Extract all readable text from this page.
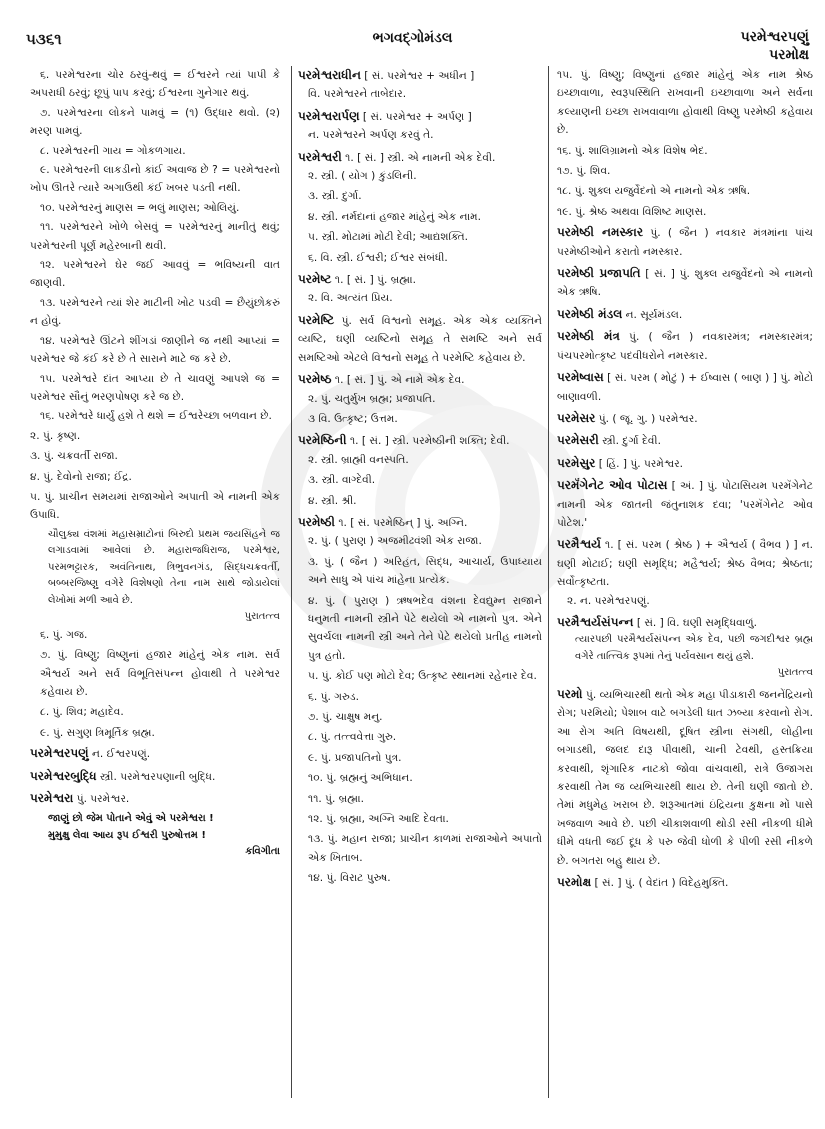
૫૩૬૧	ભગવદ્ગોમંડલ	પરમેશ્વરપણું
પરમોક્ષ
૬. પરમેશ્વરના ચોર ઠરવું-થવું = ઈશ્વરને ત્યાં પાપી કે અપરાધી ઠરવું; છૂપું પાપ કરવું; ઈશ્વરના ગુનેગાર થવું.
૭. પરમેશ્વરના લોકને પામવું = (૧) ઉદ્ધાર થવો. (૨) મરણ પામવું.
૮. પરમેશ્વરની ગાય = ગોકળગાય.
૯. પરમેશ્વરની લાકડીનો કાંઈ અવાજ છે ? = પરમેશ્વરનો ખોપ ઊતરે ત્યારે અગાઉથી કંઈ ખબર પડતી નથી.
૧૦. પરમેશ્વરનું માણસ = ભલું માણસ; ઓલિયું.
૧૧. પરમેશ્વરને ખોળે બેસવું = પરમેશ્વરનું માનીતું થવું; પરમેશ્વરની પૂર્ણ મહેરબાની થવી.
૧૨. પરમેશ્વરને ઘેર જઈ આવવું = ભવિષ્યની વાત જાણવી.
૧૩. પરમેશ્વરને ત્યાં શેર માટીની ખોટ પડવી = છૈયુંછોકરું ન હોવું.
૧૪. પરમેશ્વરે ઊંટને શીંગડાં જાણીને જ નથી આપ્યાં = પરમેશ્વર જે કંઈ કરે છે તે સારાને માટે જ કરે છે.
૧૫. પરમેશ્વરે દાંત આપ્યા છે તે ચાવણું આપશે જ = પરમેશ્વર સૌનું ભરણપોષણ કરે જ છે.
૧૬. પરમેશ્વરે ધાર્યું હશે તે થશે = ઈશ્વરેચ્છા બળવાન છે.
૨. પું. કૃષ્ણ.
૩. પું. ચક્રવર્તી રાજા.
૪. પું. દેવોનો રાજા; ઈંદ્ર.
૫. પું. પ્રાચીન સમયમાં રાજાઓને અપાતી એ નામની એક ઉપાધિ.
ચૌલુક્ય વંશમાં મહાસમ્રાટોનાં બિરુદો પ્રથમ જયસિંહને જ લગાડવામાં આવેલાં છે. મહારાજધિરાજ, પરમેશ્વર, પરમભટ્ટારક, અવંતિનાથ, ત્રિભુવનગંડ, સિદ્ધચક્રવર્તી, બબ્બરજિષ્ણુ વગેરે વિશેષણો તેના નામ સાથે જોડાયેલાં લેખોમાં મળી આવે છે.
પુરાતત્ત્વ
૬. પું. ગજ.
૭. પું. વિષ્ણુ; વિષ્ણુનાં હજાર માંહેનું એક નામ. સર્વ ઐશ્વર્ય અને સર્વ વિભૂતિસંપન્ન હોવાથી તે પરમેશ્વર કહેવાય છે.
૮. પું. શિવ; મહાદેવ.
૯. પું. સગુણ ત્રિમૂર્તિક બ્રહ્મ.
પરમેશ્વરપણું ન. ઈશ્વરપણું.
પરમેશ્વરબુદ્ધિ સ્ત્રી. પરમેશ્વરપણાની બુદ્ધિ.
પરમેશ્વરા પું. પરમેશ્વર.
જાણું છો જેમ પોતાને એવું એ પરમેશ્વરા !
મુમુક્ષુ લેવા આય રૂપ ઈશ્વરી પુરુષોત્તમ !
કવિગીતા
પરમેશ્વરાધીન [ સં. પરમેશ્વર + અધીન ]
વિ. પરમેશ્વરને તાબેદાર.
પરમેશ્વરાર્પણ [ સં. પરમેશ્વર + અર્પણ ]
ન. પરમેશ્વરને અર્પણ કરવું તે.
પરમેશ્વરી ૧. [ સં. ] સ્ત્રી. એ નામની એક દેવી.
૨. સ્ત્રી. ( યોગ ) કુંડલિની.
૩. સ્ત્રી. દુર્ગા.
૪. સ્ત્રી. નર્મદાનાં હજાર માંહેનું એક નામ.
૫. સ્ત્રી. મોટામાં મોટી દેવી; આદ્યશક્તિ.
૬. વિ. સ્ત્રી. ઈશ્વરી; ઈશ્વર સંબંધી.
પરમેષ્ટ ૧. [ સં. ] પું. બ્રહ્મા.
૨. વિ. અત્યંત પ્રિય.
પરમેષ્ટિ પું. સર્વ વિશ્વનો સમૂહ. એક એક વ્યક્તિને વ્યષ્ટિ, ઘણી વ્યષ્ટિનો સમૂહ તે સમષ્ટિ અને સર્વ સમષ્ટિઓ એટલે વિશ્વનો સમૂહ તે પરમેષ્ટિ કહેવાય છે.
પરમેષ્ઠ ૧. [ સં. ] પું. એ નામે એક દેવ.
૨. પું. ચતુર્મુખ બ્રહ્મ; પ્રજાપતિ.
૩ વિ. ઉત્કૃષ્ટ; ઉત્તમ.
પરમેષ્ઠિની ૧. [ સં. ] સ્ત્રી. પરમેષ્ઠીની શક્તિ; દેવી.
૨. સ્ત્રી. બ્રાહ્મી વનસ્પતિ.
૩. સ્ત્રી. વાગ્દેવી.
૪. સ્ત્રી. શ્રી.
પરમેષ્ઠી ૧. [ સં. પરમેષ્ઠિન્ ] પું. અગ્નિ.
૨. પું. ( પુરાણ ) અજમીઢવંશી એક રાજા.
૩. પું. ( જૈન ) અરિહંત, સિદ્ધ, આચાર્ય, ઉપાધ્યાય અને સાધુ એ પાંચ માંહેના પ્રત્યેક.
૪. પું. ( પુરાણ ) ઋષભદેવ વંશના દેવદ્યુમ્ન રાજાને ધનુમતી નામની સ્ત્રીને પેટે થયેલો એ નામનો પુત્ર. એને સુવર્ચલા નામની સ્ત્રી અને તેને પેટે થયેલો પ્રતીહ નામનો પુત્ર હતો.
૫. પું. કોઈ પણ મોટો દેવ; ઉત્કૃષ્ટ સ્થાનમાં રહેનાર દેવ.
૬. પું. ગરુડ.
૭. પું. ચાક્ષુષ મનુ.
૮. પું. તત્ત્વવેત્તા ગુરુ.
૯. પું. પ્રજાપતિનો પુત્ર.
૧૦. પું. બ્રહ્મનું અભિધાન.
૧૧. પું. બ્રહ્મા.
૧૨. પું. બ્રહ્મા, અગ્નિ આદિ દેવતા.
૧૩. પું. મહાન રાજા; પ્રાચીન કાળમાં રાજાઓને અપાતો એક ખિતાબ.
૧૪. પું. વિરાટ પુરુષ.
૧૫. પું. વિષ્ણુ; વિષ્ણુનાં હજાર માંહેનું એક નામ શ્રેષ્ઠ ઇચ્છાવાળા, સ્વરૂપસ્થિતિ રાખવાની ઇચ્છાવાળા અને સર્વના કલ્યાણની ઇચ્છા રાખવાવાળા હોવાથી વિષ્ણુ પરમેષ્ઠી કહેવાય છે.
૧૬. પું. શાલિગ્રામનો એક વિશેષ ભેદ.
૧૭. પું. શિવ.
૧૮. પું. શુક્લ યજુર્વેદનો એ નામનો એક ઋષિ.
૧૯. પું. શ્રેષ્ઠ અથવા વિશિષ્ટ માણસ.
પરમેષ્ઠી નમસ્કાર પું. ( જૈન ) નવકાર મંત્રમાંના પાંચ પરમેષ્ઠીઓને કરાતો નમસ્કાર.
પરમેષ્ઠી પ્રજાપતિ [ સં. ] પું. શુક્લ યજુર્વેદનો એ નામનો એક ઋષિ.
પરમેષ્ઠી મંડલ ન. સૂર્યમંડલ.
પરમેષ્ઠી મંત્ર પું. ( જૈન ) નવકારમંત્ર; નમસ્કારમંત્ર; પંચપરમોત્કૃષ્ટ પદવીધરોને નમસ્કાર.
પરમેષ્વાસ [ સં. પરમ ( મોટું ) + ઈષ્વાસ ( બાણ ) ] પું. મોટો બાણાવળી.
પરમેસર પું. ( જૂ. ગુ. ) પરમેશ્વર.
પરમેસરી સ્ત્રી. દુર્ગા દેવી.
પરમેસુર [ હિં. ] પું. પરમેશ્વર.
પરમૅંગેનેટ ઓવ પોટાસ [ અં. ] પું. પોટાસિયમ પરમૅંગેનેટ નામની એક જાતની જંતુનાશક દવા; 'પરમૅંગેનેટ ઓવ પોટેશ.'
પરમૈશ્વર્ય ૧. [ સં. પરમ ( શ્રેષ્ઠ ) + ઐશ્વર્ય ( વૈભવ ) ] ન. ઘણી મોટાઈ; ઘણી સમૃદ્ધિ; મહૈશ્વર્ય; શ્રેષ્ઠ વૈભવ; શ્રેષ્ઠતા; સર્વોત્કૃષ્ટતા.
૨. ન. પરમેશ્વરપણું.
પરમૈશ્વર્યસંપન્ન [ સં. ] વિ. ઘણી સમૃદ્ધિવાળું.
ત્યારપછી પરમૈશ્વર્યસંપન્ન એક દેવ, પછી જગદીશ્વર બ્રહ્મ વગેરે તાત્ત્વિક રૂપમાં તેનું પર્યવસાન થયું હશે.
પુરાતત્ત્વ
પરમો પું. વ્યભિચારથી થતો એક મહા પીડાકારી જનનેંદ્રિયનો રોગ; પરમિયો; પેશાબ વાટે બગડેલી ધાત ઝબ્યા કરવાનો રોગ. આ રોગ અતિ વિષયથી, દૂષિત સ્ત્રીના સંગથી, લોહીના બગાડથી, જલદ દારૂ પીવાથી, ચાની ટેવથી, હસ્તક્રિયા કરવાથી, શૃંગારિક નાટકો જોવા વાંચવાથી, રાત્રે ઉજાગરા કરવાથી તેમ જ વ્યભિચારથી થાય છે. તેની ઘણી જાતો છે. તેમાં મધુમેહ ખરાબ છે. શરૂઆતમાં ઇંદ્રિયના કુક્ષના મોં પાસે ખજવાળ આવે છે. પછી ચીકાશવાળી થોડી રસી નીકળી ધીમે ધીમે વધતી જઈ દૂધ કે પરુ જેવી ધોળી કે પીળી રસી નીકળે છે. બગતરા બહુ થાય છે.
પરમોક્ષ [ સં. ] પું. ( વેદાંત ) વિદેહમુક્તિ.
